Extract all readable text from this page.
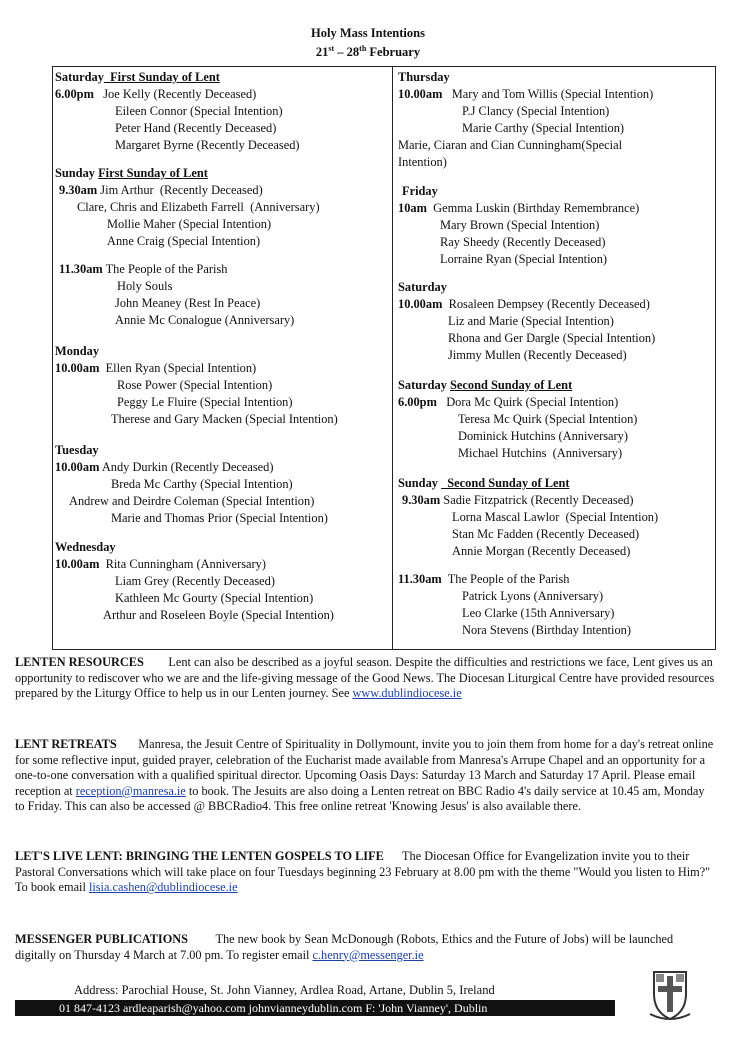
Holy Mass Intentions
21st – 28th February
Saturday  First Sunday of Lent
6.00pm   Joe Kelly (Recently Deceased)
Eileen Connor (Special Intention)
Peter Hand (Recently Deceased)
Margaret Byrne (Recently Deceased)
Sunday First Sunday of Lent
9.30am Jim Arthur  (Recently Deceased)
Clare, Chris and Elizabeth Farrell  (Anniversary)
Mollie Maher (Special Intention)
Anne Craig (Special Intention)
11.30am The People of the Parish
Holy Souls
John Meaney (Rest In Peace)
Annie Mc Conalogue (Anniversary)
Monday
10.00am  Ellen Ryan (Special Intention)
Rose Power (Special Intention)
Peggy Le Fluire (Special Intention)
Therese and Gary Macken (Special Intention)
Tuesday
10.00am Andy Durkin (Recently Deceased)
Breda Mc Carthy (Special Intention)
Andrew and Deirdre Coleman (Special Intention)
Marie and Thomas Prior (Special Intention)
Wednesday
10.00am  Rita Cunningham (Anniversary)
Liam Grey (Recently Deceased)
Kathleen Mc Gourty (Special Intention)
Arthur and Roseleen Boyle (Special Intention)
Thursday
10.00am   Mary and Tom Willis (Special Intention)
P.J Clancy (Special Intention)
Marie Carthy (Special Intention)
Marie, Ciaran and Cian Cunningham(Special
Intention)
Friday
10am  Gemma Luskin (Birthday Remembrance)
Mary Brown (Special Intention)
Ray Sheedy (Recently Deceased)
Lorraine Ryan (Special Intention)
Saturday
10.00am  Rosaleen Dempsey (Recently Deceased)
Liz and Marie (Special Intention)
Rhona and Ger Dargle (Special Intention)
Jimmy Mullen (Recently Deceased)
Saturday Second Sunday of Lent
6.00pm   Dora Mc Quirk (Special Intention)
Teresa Mc Quirk (Special Intention)
Dominick Hutchins (Anniversary)
Michael Hutchins  (Anniversary)
Sunday   Second Sunday of Lent
9.30am Sadie Fitzpatrick (Recently Deceased)
Lorna Mascal Lawlor  (Special Intention)
Stan Mc Fadden (Recently Deceased)
Annie Morgan (Recently Deceased)
11.30am  The People of the Parish
Patrick Lyons (Anniversary)
Leo Clarke (15th Anniversary)
Nora Stevens (Birthday Intention)
LENTEN RESOURCES Lent can also be described as a joyful season. Despite the difficulties and restrictions we face, Lent gives us an opportunity to rediscover who we are and the life-giving message of the Good News. The Diocesan Liturgical Centre have provided resources prepared by the Liturgy Office to help us in our Lenten journey. See www.dublindiocese.ie
LENT RETREATS Manresa, the Jesuit Centre of Spirituality in Dollymount, invite you to join them from home for a day's retreat online for some reflective input, guided prayer, celebration of the Eucharist made available from Manresa's Arrupe Chapel and an opportunity for a one-to-one conversation with a qualified spiritual director. Upcoming Oasis Days: Saturday 13 March and Saturday 17 April. Please email reception at reception@manresa.ie to book. The Jesuits are also doing a Lenten retreat on BBC Radio 4's daily service at 10.45 am, Monday to Friday. This can also be accessed @ BBCRadio4. This free online retreat 'Knowing Jesus' is also available there.
LET'S LIVE LENT: BRINGING THE LENTEN GOSPELS TO LIFE The Diocesan Office for Evangelization invite you to their Pastoral Conversations which will take place on four Tuesdays beginning 23 February at 8.00 pm with the theme "Would you listen to Him?"
To book email lisia.cashen@dublindiocese.ie
MESSENGER PUBLICATIONS The new book by Sean McDonough (Robots, Ethics and the Future of Jobs) will be launched digitally on Thursday 4 March at 7.00 pm. To register email c.henry@messenger.ie
Address: Parochial House, St. John Vianney, Ardlea Road, Artane, Dublin 5, Ireland
01 847-4123 ardleaparish@yahoo.com johnvianneydublin.com F: 'John Vianney', Dublin
